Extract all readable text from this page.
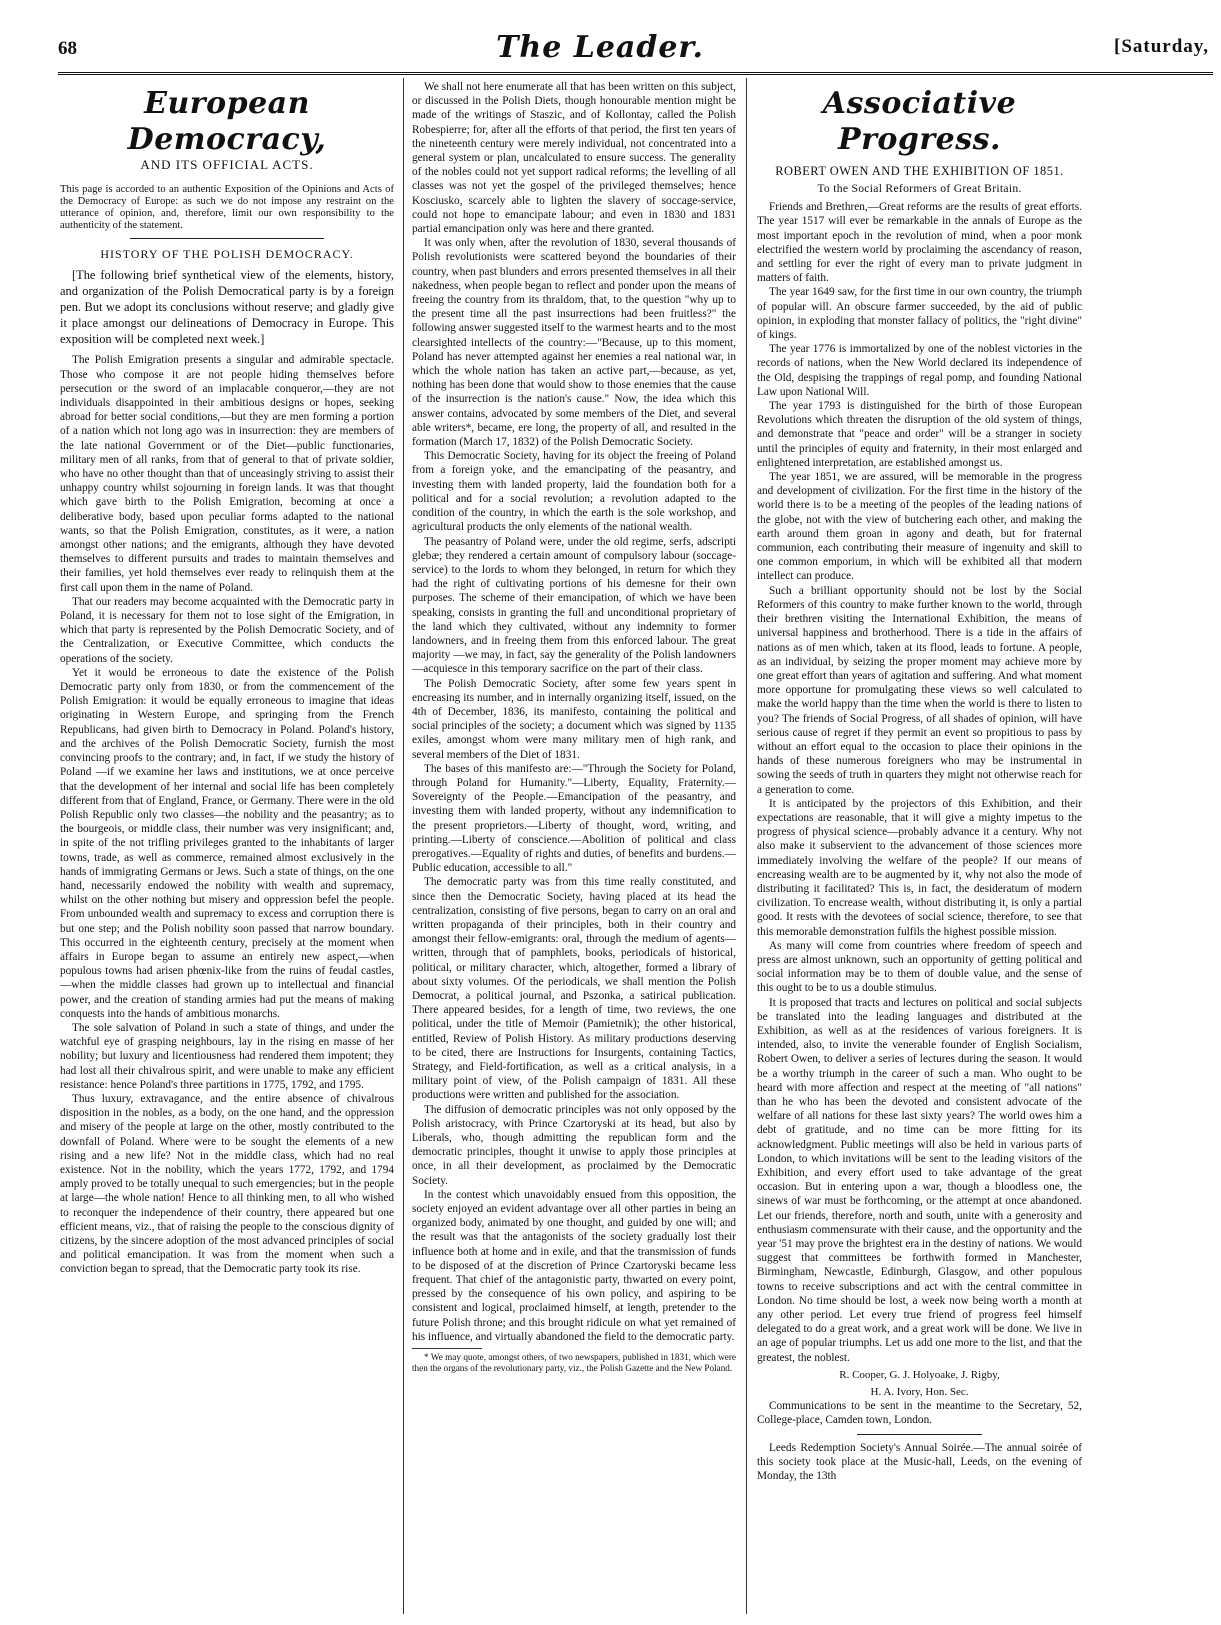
68	The Leader.	[Saturday,
European Democracy,
AND ITS OFFICIAL ACTS.

This page is accorded to an authentic Exposition of the Opinions and Acts of the Democracy of Europe: as such we do not impose any restraint on the utterance of opinion, and, therefore, limit our own responsibility to the authenticity of the statement.

HISTORY OF THE POLISH DEMOCRACY.

[The following brief synthetical view of the elements, history, and organization of the Polish Democratical party is by a foreign pen. But we adopt its conclusions without reserve; and gladly give it place amongst our delineations of Democracy in Europe. This exposition will be completed next week.]

The Polish Emigration presents a singular and admirable spectacle. Those who compose it are not people hiding themselves before persecution or the sword of an implacable conqueror,—they are not individuals disappointed in their ambitious designs or hopes, seeking abroad for better social conditions,—but they are men forming a portion of a nation which not long ago was in insurrection: they are members of the late national Government or of the Diet—public functionaries, military men of all ranks, from that of general to that of private soldier, who have no other thought than that of unceasingly striving to assist their unhappy country whilst sojourning in foreign lands. It was that thought which gave birth to the Polish Emigration, becoming at once a deliberative body, based upon peculiar forms adapted to the national wants, so that the Polish Emigration, constitutes, as it were, a nation amongst other nations; and the emigrants, although they have devoted themselves to different pursuits and trades to maintain themselves and their families, yet hold themselves ever ready to relinquish them at the first call upon them in the name of Poland.

That our readers may become acquainted with the Democratic party in Poland, it is necessary for them not to lose sight of the Emigration, in which that party is represented by the Polish Democratic Society, and of the Centralization, or Executive Committee, which conducts the operations of the society.

Yet it would be erroneous to date the existence of the Polish Democratic party only from 1830, or from the commencement of the Polish Emigration: it would be equally erroneous to imagine that ideas originating in Western Europe, and springing from the French Republicans, had given birth to Democracy in Poland. Poland's history, and the archives of the Polish Democratic Society, furnish the most convincing proofs to the contrary; and, in fact, if we study the history of Poland —if we examine her laws and institutions, we at once perceive that the development of her internal and social life has been completely different from that of England, France, or Germany. There were in the old Polish Republic only two classes—the nobility and the peasantry; as to the bourgeois, or middle class, their number was very insignificant; and, in spite of the not trifling privileges granted to the inhabitants of larger towns, trade, as well as commerce, remained almost exclusively in the hands of immigrating Germans or Jews. Such a state of things, on the one hand, necessarily endowed the nobility with wealth and supremacy, whilst on the other nothing but misery and oppression befel the people. From unbounded wealth and supremacy to excess and corruption there is but one step; and the Polish nobility soon passed that narrow boundary. This occurred in the eighteenth century, precisely at the moment when affairs in Europe began to assume an entirely new aspect,—when populous towns had arisen phœnix-like from the ruins of feudal castles,—when the middle classes had grown up to intellectual and financial power, and the creation of standing armies had put the means of making conquests into the hands of ambitious monarchs.

The sole salvation of Poland in such a state of things, and under the watchful eye of grasping neighbours, lay in the rising en masse of her nobility; but luxury and licentiousness had rendered them impotent; they had lost all their chivalrous spirit, and were unable to make any efficient resistance: hence Poland's three partitions in 1775, 1792, and 1795.

Thus luxury, extravagance, and the entire absence of chivalrous disposition in the nobles, as a body, on the one hand, and the oppression and misery of the people at large on the other, mostly contributed to the downfall of Poland. Where were to be sought the elements of a new rising and a new life? Not in the middle class, which had no real existence. Not in the nobility, which the years 1772, 1792, and 1794 amply proved to be totally unequal to such emergencies; but in the people at large—the whole nation! Hence to all thinking men, to all who wished to reconquer the independence of their country, there appeared but one efficient means, viz., that of raising the people to the conscious dignity of citizens, by the sincere adoption of the most advanced principles of social and political emancipation. It was from the moment when such a conviction began to spread, that the Democratic party took its rise.

We shall not here enumerate all that has been written on this subject, or discussed in the Polish Diets, though honourable mention might be made of the writings of Staszic, and of Kollontay, called the Polish Robespierre; for, after all the efforts of that period, the first ten years of the nineteenth century were merely individual, not concentrated into a general system or plan, uncalculated to ensure success. The generality of the nobles could not yet support radical reforms; the levelling of all classes was not yet the gospel of the privileged themselves; hence Kosciusko, scarcely able to lighten the slavery of soccage-service, could not hope to emancipate labour; and even in 1830 and 1831 partial emancipation only was here and there granted.

It was only when, after the revolution of 1830, several thousands of Polish revolutionists were scattered beyond the boundaries of their country, when past blunders and errors presented themselves in all their nakedness, when people began to reflect and ponder upon the means of freeing the country from its thraldom, that, to the question "why up to the present time all the past insurrections had been fruitless?" the following answer suggested itself to the warmest hearts and to the most clearsighted intellects of the country:—"Because, up to this moment, Poland has never attempted against her enemies a real national war, in which the whole nation has taken an active part,—because, as yet, nothing has been done that would show to those enemies that the cause of the insurrection is the nation's cause." Now, the idea which this answer contains, advocated by some members of the Diet, and several able writers*, became, ere long, the property of all, and resulted in the formation (March 17, 1832) of the Polish Democratic Society.

This Democratic Society, having for its object the freeing of Poland from a foreign yoke, and the emancipating of the peasantry, and investing them with landed property, laid the foundation both for a political and for a social revolution; a revolution adapted to the condition of the country, in which the earth is the sole workshop, and agricultural products the only elements of the national wealth.

The peasantry of Poland were, under the old regime, serfs, adscripti glebæ; they rendered a certain amount of compulsory labour (soccage-service) to the lords to whom they belonged, in return for which they had the right of cultivating portions of his demesne for their own purposes. The scheme of their emancipation, of which we have been speaking, consists in granting the full and unconditional proprietary of the land which they cultivated, without any indemnity to former landowners, and in freeing them from this enforced labour. The great majority —we may, in fact, say the generality of the Polish landowners—acquiesce in this temporary sacrifice on the part of their class.

The Polish Democratic Society, after some few years spent in encreasing its number, and in internally organizing itself, issued, on the 4th of December, 1836, its manifesto, containing the political and social principles of the society; a document which was signed by 1135 exiles, amongst whom were many military men of high rank, and several members of the Diet of 1831.

The bases of this manifesto are:—"Through the Society for Poland, through Poland for Humanity."—Liberty, Equality, Fraternity.—Sovereignty of the People.—Emancipation of the peasantry, and investing them with landed property, without any indemnification to the present proprietors.—Liberty of thought, word, writing, and printing.—Liberty of conscience.—Abolition of political and class prerogatives.—Equality of rights and duties, of benefits and burdens.—Public education, accessible to all."

The democratic party was from this time really constituted, and since then the Democratic Society, having placed at its head the centralization, consisting of five persons, began to carry on an oral and written propaganda of their principles, both in their country and amongst their fellow-emigrants: oral, through the medium of agents—written, through that of pamphlets, books, periodicals of historical, political, or military character, which, altogether, formed a library of about sixty volumes. Of the periodicals, we shall mention the Polish Democrat, a political journal, and Pszonka, a satirical publication. There appeared besides, for a length of time, two reviews, the one political, under the title of Memoir (Pamietnik); the other historical, entitled, Review of Polish History. As military productions deserving to be cited, there are Instructions for Insurgents, containing Tactics, Strategy, and Field-fortification, as well as a critical analysis, in a military point of view, of the Polish campaign of 1831. All these productions were written and published for the association.

The diffusion of democratic principles was not only opposed by the Polish aristocracy, with Prince Czartoryski at its head, but also by Liberals, who, though admitting the republican form and the democratic principles, thought it unwise to apply those principles at once, in all their development, as proclaimed by the Democratic Society.

In the contest which unavoidably ensued from this opposition, the society enjoyed an evident advantage over all other parties in being an organized body, animated by one thought, and guided by one will; and the result was that the antagonists of the society gradually lost their influence both at home and in exile, and that the transmission of funds to be disposed of at the discretion of Prince Czartoryski became less frequent. That chief of the antagonistic party, thwarted on every point, pressed by the consequence of his own policy, and aspiring to be consistent and logical, proclaimed himself, at length, pretender to the future Polish throne; and this brought ridicule on what yet remained of his influence, and virtually abandoned the field to the democratic party.

* We may quote, amongst others, of two newspapers, published in 1831, which were then the organs of the revolutionary party, viz., the Polish Gazette and the New Poland.

Associative Progress.
ROBERT OWEN AND THE EXHIBITION OF 1851.
To the Social Reformers of Great Britain.

Friends and Brethren,—Great reforms are the results of great efforts. The year 1517 will ever be remarkable in the annals of Europe as the most important epoch in the revolution of mind, when a poor monk electrified the western world by proclaiming the ascendancy of reason, and settling for ever the right of every man to private judgment in matters of faith.

The year 1649 saw, for the first time in our own country, the triumph of popular will. An obscure farmer succeeded, by the aid of public opinion, in exploding that monster fallacy of politics, the "right divine" of kings.

The year 1776 is immortalized by one of the noblest victories in the records of nations, when the New World declared its independence of the Old, despising the trappings of regal pomp, and founding National Law upon National Will.

The year 1793 is distinguished for the birth of those European Revolutions which threaten the disruption of the old system of things, and demonstrate that "peace and order" will be a stranger in society until the principles of equity and fraternity, in their most enlarged and enlightened interpretation, are established amongst us.

The year 1851, we are assured, will be memorable in the progress and development of civilization. For the first time in the history of the world there is to be a meeting of the peoples of the leading nations of the globe, not with the view of butchering each other, and making the earth around them groan in agony and death, but for fraternal communion, each contributing their measure of ingenuity and skill to one common emporium, in which will be exhibited all that modern intellect can produce.

Such a brilliant opportunity should not be lost by the Social Reformers of this country to make further known to the world, through their brethren visiting the International Exhibition, the means of universal happiness and brotherhood. There is a tide in the affairs of nations as of men which, taken at its flood, leads to fortune. A people, as an individual, by seizing the proper moment may achieve more by one great effort than years of agitation and suffering. And what moment more opportune for promulgating these views so well calculated to make the world happy than the time when the world is there to listen to you? The friends of Social Progress, of all shades of opinion, will have serious cause of regret if they permit an event so propitious to pass by without an effort equal to the occasion to place their opinions in the hands of these numerous foreigners who may be instrumental in sowing the seeds of truth in quarters they might not otherwise reach for a generation to come.

It is anticipated by the projectors of this Exhibition, and their expectations are reasonable, that it will give a mighty impetus to the progress of physical science—probably advance it a century. Why not also make it subservient to the advancement of those sciences more immediately involving the welfare of the people? If our means of encreasing wealth are to be augmented by it, why not also the mode of distributing it facilitated? This is, in fact, the desideratum of modern civilization. To encrease wealth, without distributing it, is only a partial good. It rests with the devotees of social science, therefore, to see that this memorable demonstration fulfils the highest possible mission.

As many will come from countries where freedom of speech and press are almost unknown, such an opportunity of getting political and social information may be to them of double value, and the sense of this ought to be to us a double stimulus.

It is proposed that tracts and lectures on political and social subjects be translated into the leading languages and distributed at the Exhibition, as well as at the residences of various foreigners. It is intended, also, to invite the venerable founder of English Socialism, Robert Owen, to deliver a series of lectures during the season. It would be a worthy triumph in the career of such a man. Who ought to be heard with more affection and respect at the meeting of "all nations" than he who has been the devoted and consistent advocate of the welfare of all nations for these last sixty years? The world owes him a debt of gratitude, and no time can be more fitting for its acknowledgment. Public meetings will also be held in various parts of London, to which invitations will be sent to the leading visitors of the Exhibition, and every effort used to take advantage of the great occasion. But in entering upon a war, though a bloodless one, the sinews of war must be forthcoming, or the attempt at once abandoned. Let our friends, therefore, north and south, unite with a generosity and enthusiasm commensurate with their cause, and the opportunity and the year '51 may prove the brightest era in the destiny of nations. We would suggest that committees be forthwith formed in Manchester, Birmingham, Newcastle, Edinburgh, Glasgow, and other populous towns to receive subscriptions and act with the central committee in London. No time should be lost, a week now being worth a month at any other period. Let every true friend of progress feel himself delegated to do a great work, and a great work will be done. We live in an age of popular triumphs. Let us add one more to the list, and that the greatest, the noblest.

R. Cooper, G. J. Holyoake, J. Rigby,
H. A. Ivory, Hon. Sec.

Communications to be sent in the meantime to the Secretary, 52, College-place, Camden town, London.

Leeds Redemption Society's Annual Soirée.—The annual soirée of this society took place at the Music-hall, Leeds, on the evening of Monday, the 13th
